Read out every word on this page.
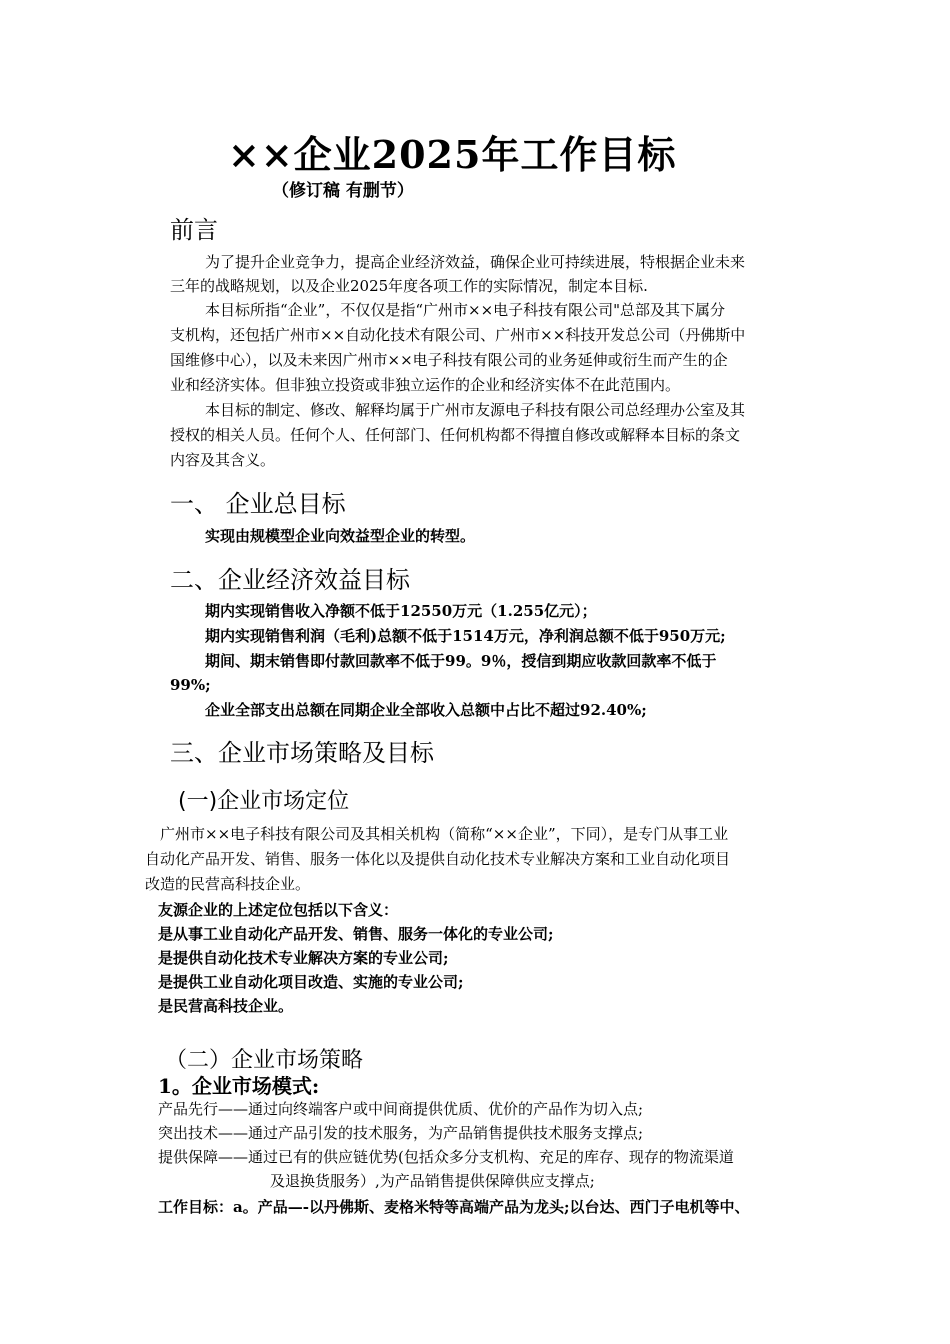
××企业2025年工作目标
（修订稿 有删节）
前言
为了提升企业竞争力，提高企业经济效益，确保企业可持续进展，特根据企业未来
三年的战略规划，以及企业2025年度各项工作的实际情况，制定本目标.
本目标所指“企业”，不仅仅是指“广州市××电子科技有限公司"总部及其下属分
支机构，还包括广州市××自动化技术有限公司、广州市××科技开发总公司（丹佛斯中
国维修中心），以及未来因广州市××电子科技有限公司的业务延伸或衍生而产生的企
业和经济实体。但非独立投资或非独立运作的企业和经济实体不在此范围内。
本目标的制定、修改、解释均属于广州市友源电子科技有限公司总经理办公室及其
授权的相关人员。任何个人、任何部门、任何机构都不得擅自修改或解释本目标的条文
内容及其含义。
一、 企业总目标
实现由规模型企业向效益型企业的转型。
二、企业经济效益目标
期内实现销售收入净额不低于12550万元（1.255亿元）；
期内实现销售利润（毛利)总额不低于1514万元，净利润总额不低于950万元;
期间、期末销售即付款回款率不低于99。9％，授信到期应收款回款率不低于
99%;
企业全部支出总额在同期企业全部收入总额中占比不超过92.40%;
三、企业市场策略及目标
(一)企业市场定位
广州市××电子科技有限公司及其相关机构（简称“××企业”，下同），是专门从事工业
自动化产品开发、销售、服务一体化以及提供自动化技术专业解决方案和工业自动化项目
改造的民营高科技企业。
友源企业的上述定位包括以下含义：
是从事工业自动化产品开发、销售、服务一体化的专业公司;
是提供自动化技术专业解决方案的专业公司;
是提供工业自动化项目改造、实施的专业公司;
是民营高科技企业。
（二）企业市场策略
1。企业市场模式:
产品先行——通过向终端客户或中间商提供优质、优价的产品作为切入点;
突出技术——通过产品引发的技术服务，为产品销售提供技术服务支撑点;
提供保障——通过已有的供应链优势(包括众多分支机构、充足的库存、现存的物流渠道
及退换货服务）,为产品销售提供保障供应支撑点;
工作目标：a。产品—-以丹佛斯、麦格米特等高端产品为龙头;以台达、西门子电机等中、
